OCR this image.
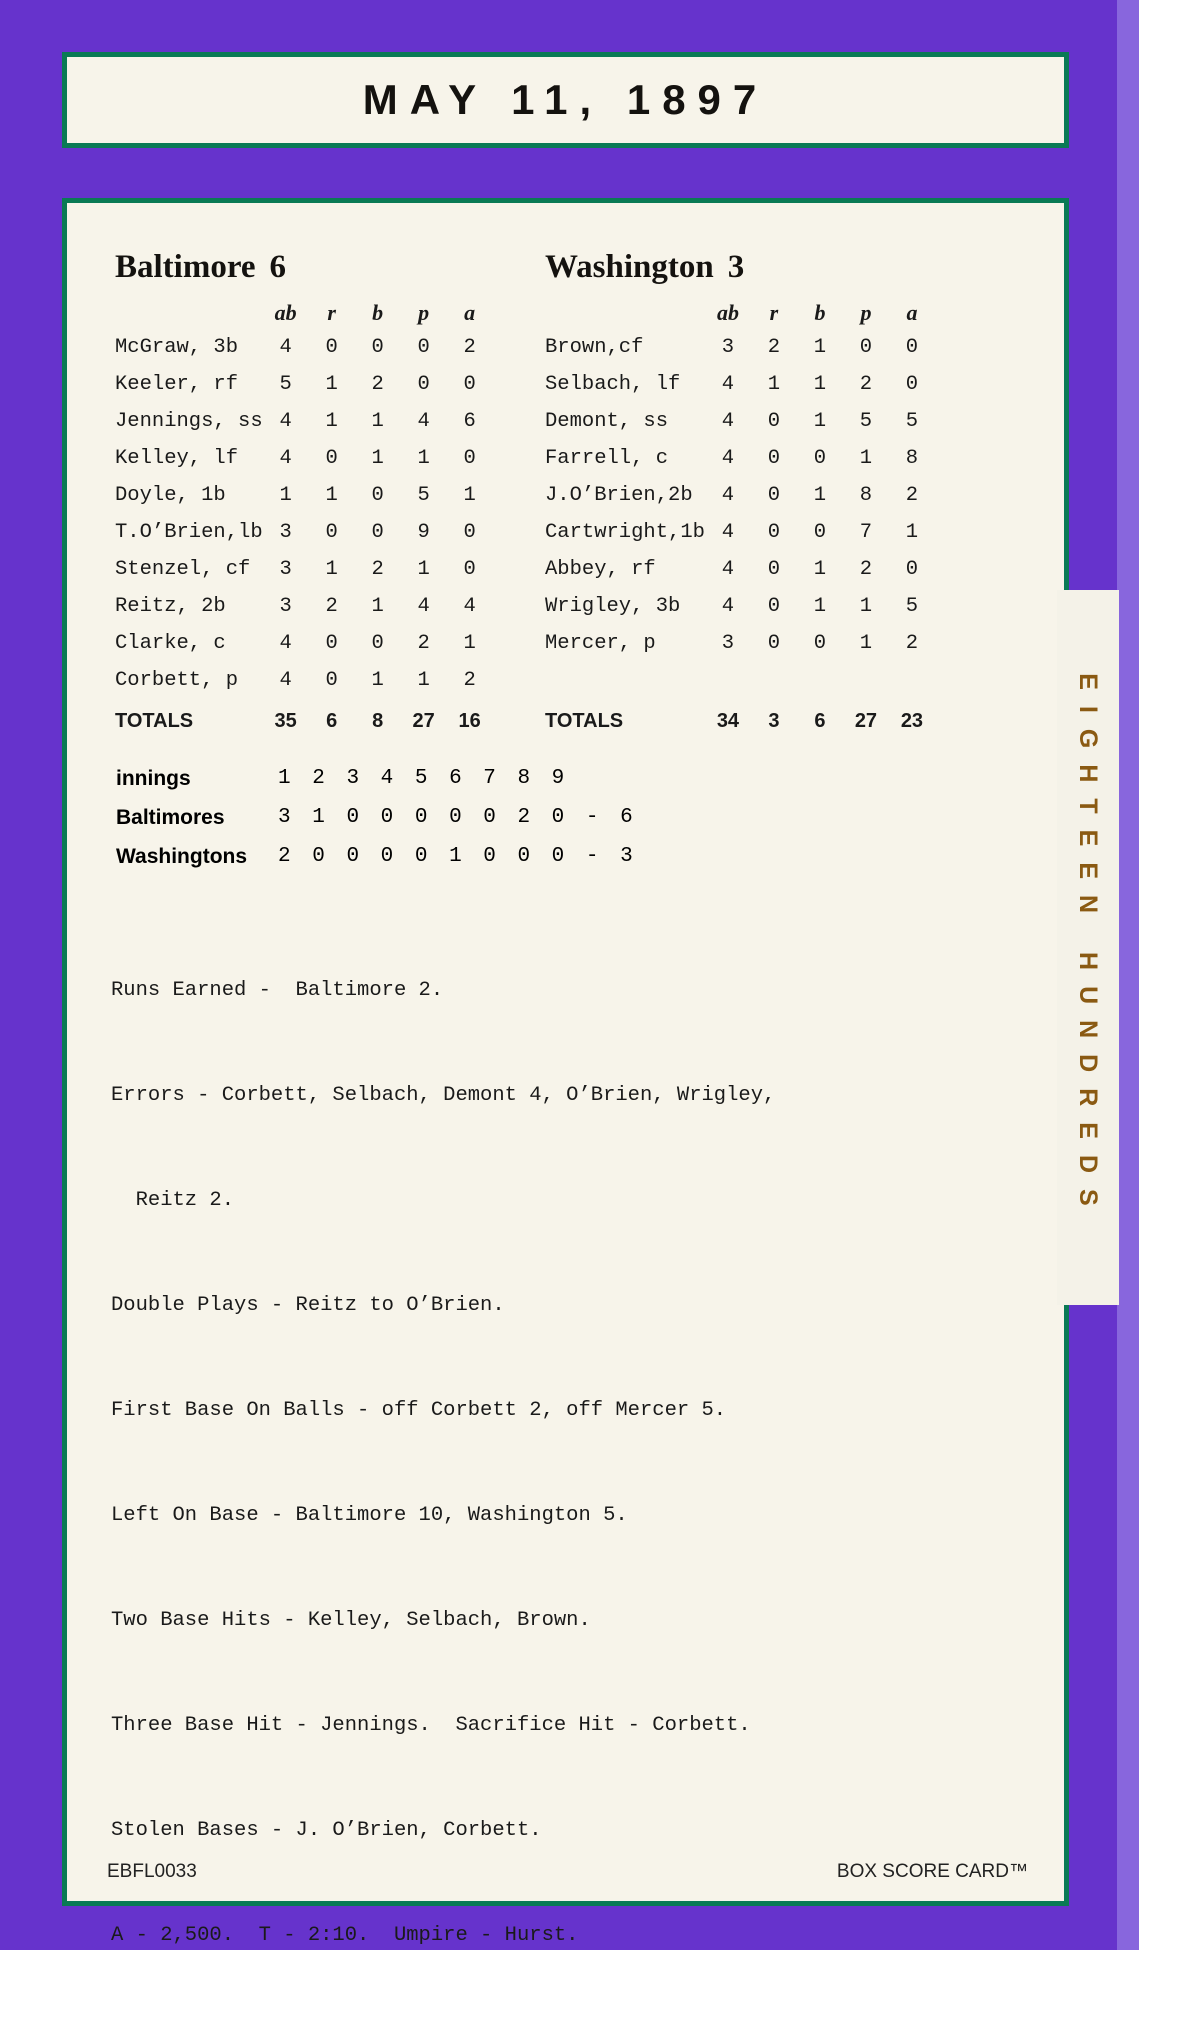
MAY 11, 1897
Baltimore 6
	ab	r	b	p	a
McGraw, 3b	4	0	0	0	2
Keeler, rf	5	1	2	0	0
Jennings, ss	4	1	1	4	6
Kelley, lf	4	0	1	1	0
Doyle, 1b	1	1	0	5	1
T.O’Brien,lb	3	0	0	9	0
Stenzel, cf	3	1	2	1	0
Reitz, 2b	3	2	1	4	4
Clarke, c	4	0	0	2	1
Corbett, p	4	0	1	1	2
TOTALS	35	6	8	27	16
Washington 3
	ab	r	b	p	a
Brown,cf	3	2	1	0	0
Selbach, lf	4	1	1	2	0
Demont, ss	4	0	1	5	5
Farrell, c	4	0	0	1	8
J.O’Brien,2b	4	0	1	8	2
Cartwright,1b	4	0	0	7	1
Abbey, rf	4	0	1	2	0
Wrigley, 3b	4	0	1	1	5
Mercer, p	3	0	0	1	2

TOTALS	34	3	6	27	23
innings	1 2 3 4 5 6 7 8 9
Baltimores	3 1 0 0 0 0 0 2 0 - 6
Washingtons	2 0 0 0 0 1 0 0 0 - 3

Runs Earned -  Baltimore 2.

Errors - Corbett, Selbach, Demont 4, O’Brien, Wrigley,

Reitz 2.

Double Plays - Reitz to O’Brien.

First Base On Balls - off Corbett 2, off Mercer 5.

Left On Base - Baltimore 10, Washington 5.

Two Base Hits - Kelley, Selbach, Brown.

Three Base Hit - Jennings.  Sacrifice Hit - Corbett.

Stolen Bases - J. O’Brien, Corbett.

A - 2,500.  T - 2:10.  Umpire - Hurst.

EBFL0033	BOX SCORE CARD™
EIGHTEEN HUNDREDS
